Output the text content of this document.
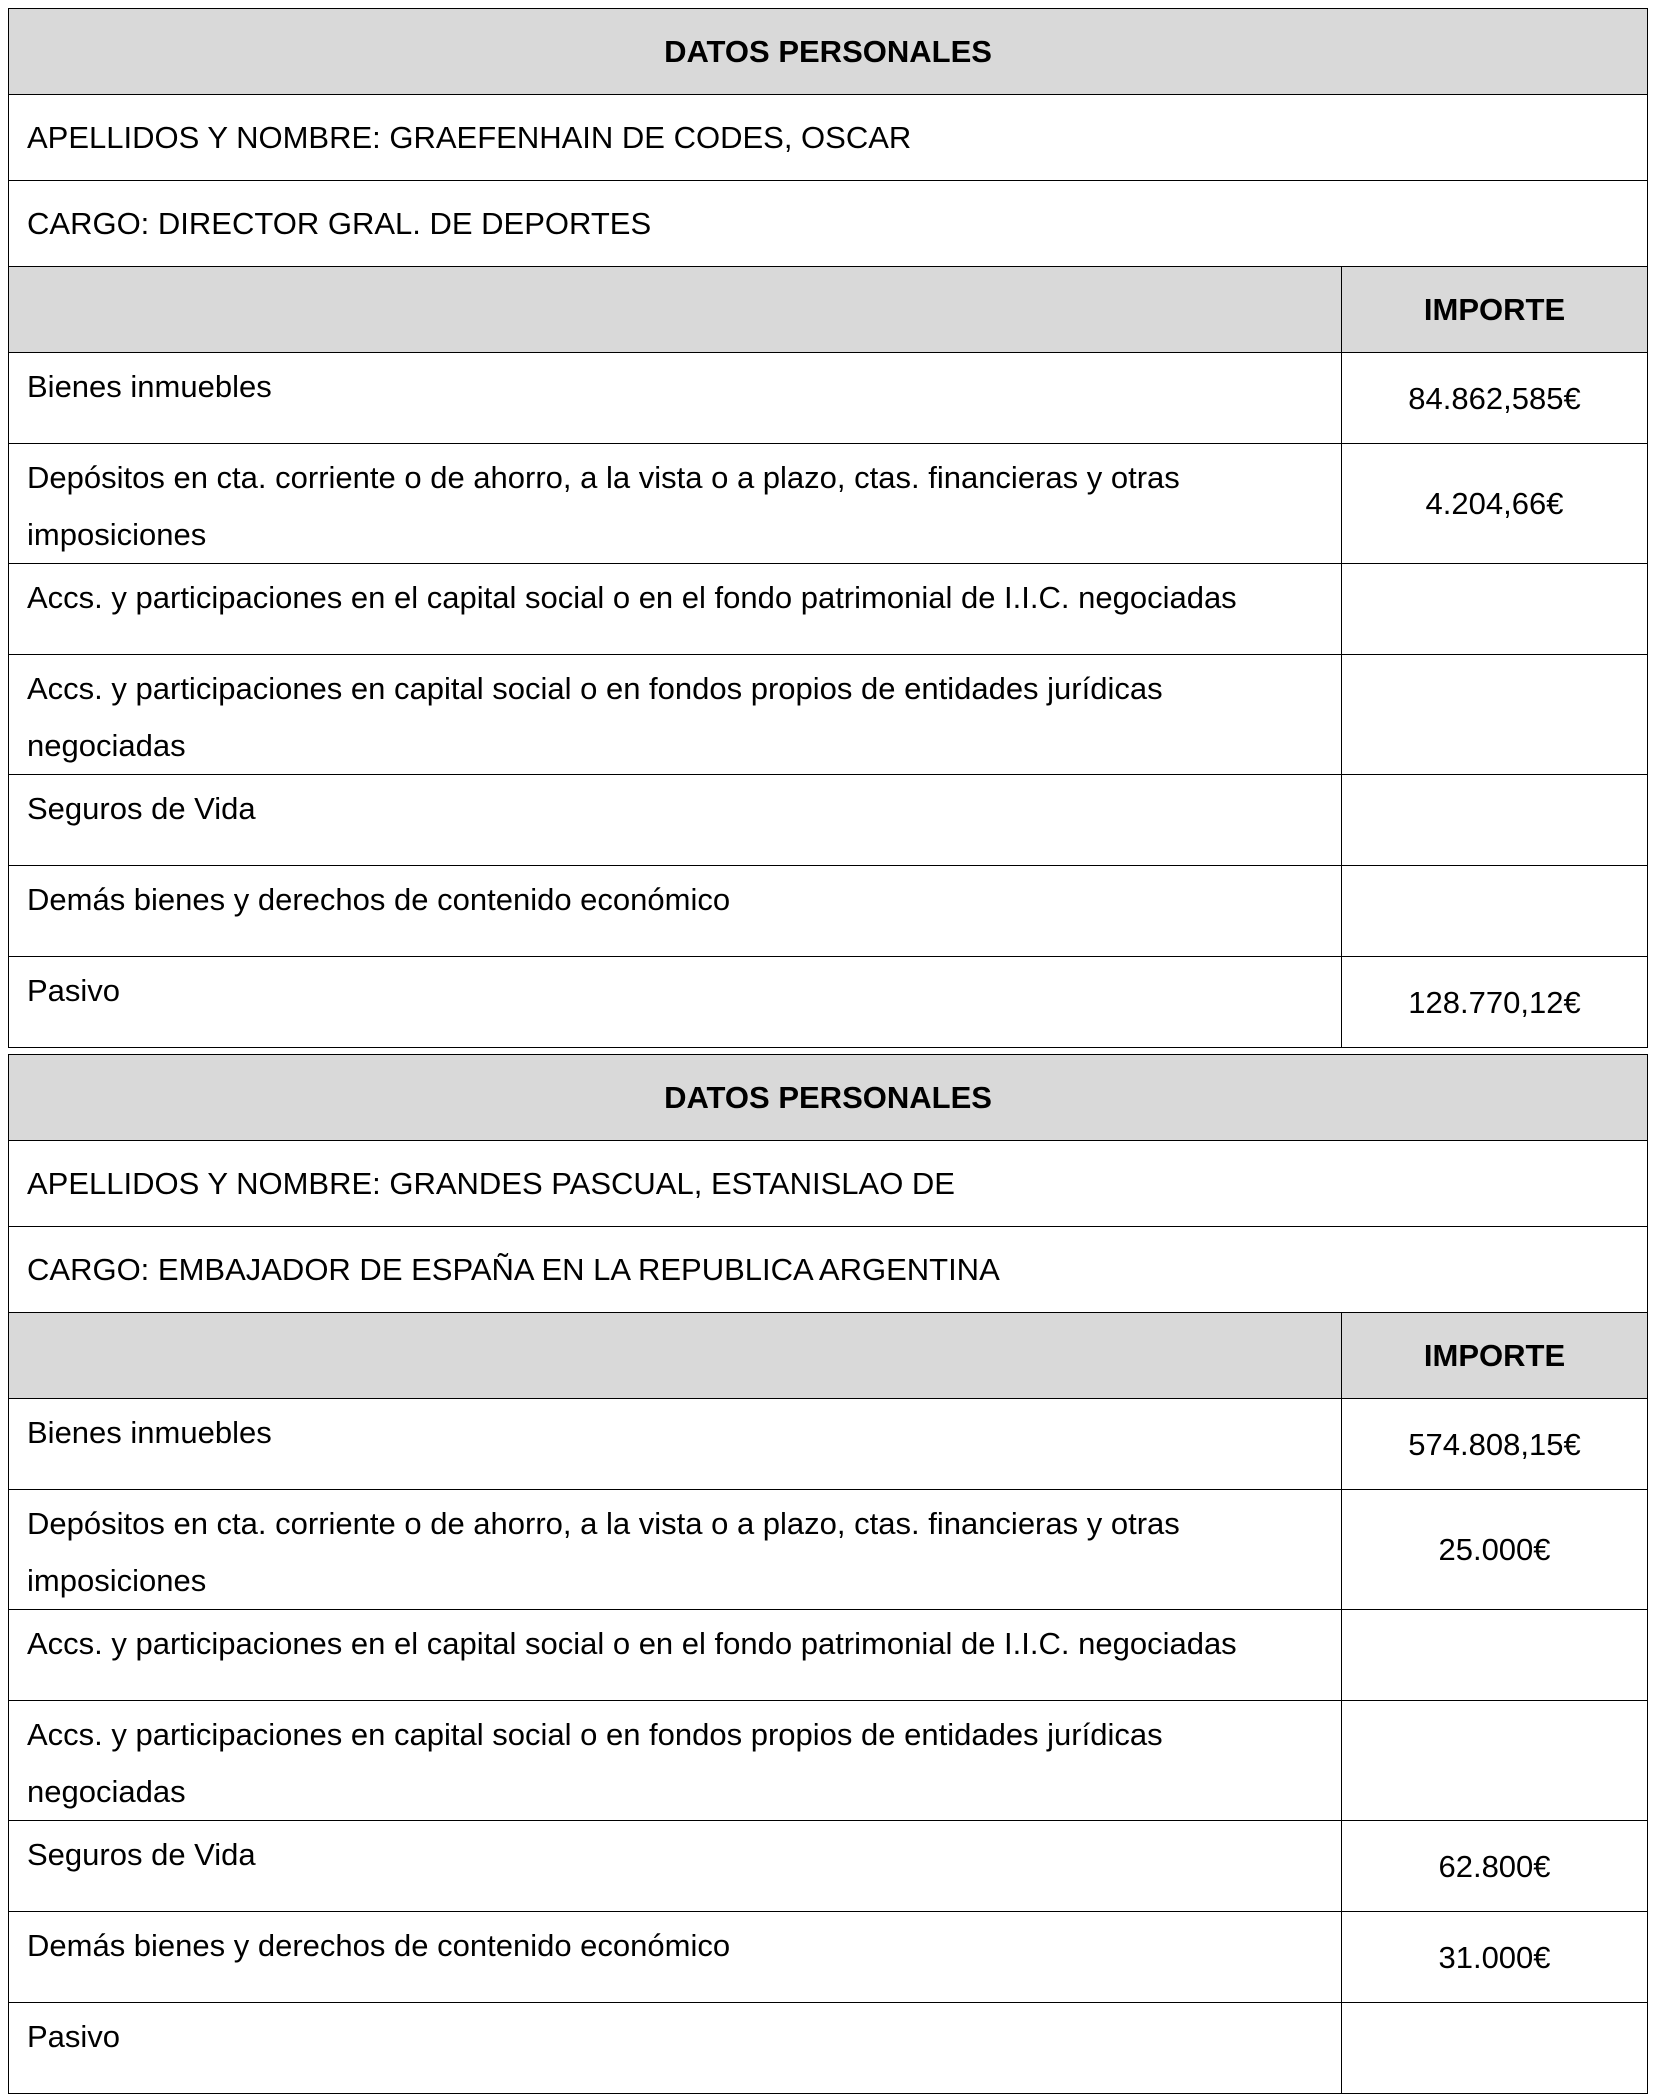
DATOS PERSONALES	
APELLIDOS Y NOMBRE: GRAEFENHAIN DE CODES, OSCAR	
CARGO: DIRECTOR GRAL. DE DEPORTES	
	IMPORTE
Bienes inmuebles	84.862,585€
Depósitos en cta. corriente o de ahorro, a la vista o a plazo, ctas. financieras y otras imposiciones	4.204,66€
Accs. y participaciones en el capital social o en el fondo patrimonial de I.I.C. negociadas	
Accs. y participaciones en capital social o en fondos propios de entidades jurídicas negociadas	
Seguros de Vida	
Demás bienes y derechos de contenido económico	
Pasivo	128.770,12€
DATOS PERSONALES	
APELLIDOS Y NOMBRE: GRANDES PASCUAL, ESTANISLAO DE	
CARGO: EMBAJADOR DE ESPAÑA EN LA REPUBLICA ARGENTINA	
	IMPORTE
Bienes inmuebles	574.808,15€
Depósitos en cta. corriente o de ahorro, a la vista o a plazo, ctas. financieras y otras imposiciones	25.000€
Accs. y participaciones en el capital social o en el fondo patrimonial de I.I.C. negociadas	
Accs. y participaciones en capital social o en fondos propios de entidades jurídicas negociadas	
Seguros de Vida	62.800€
Demás bienes y derechos de contenido económico	31.000€
Pasivo	
